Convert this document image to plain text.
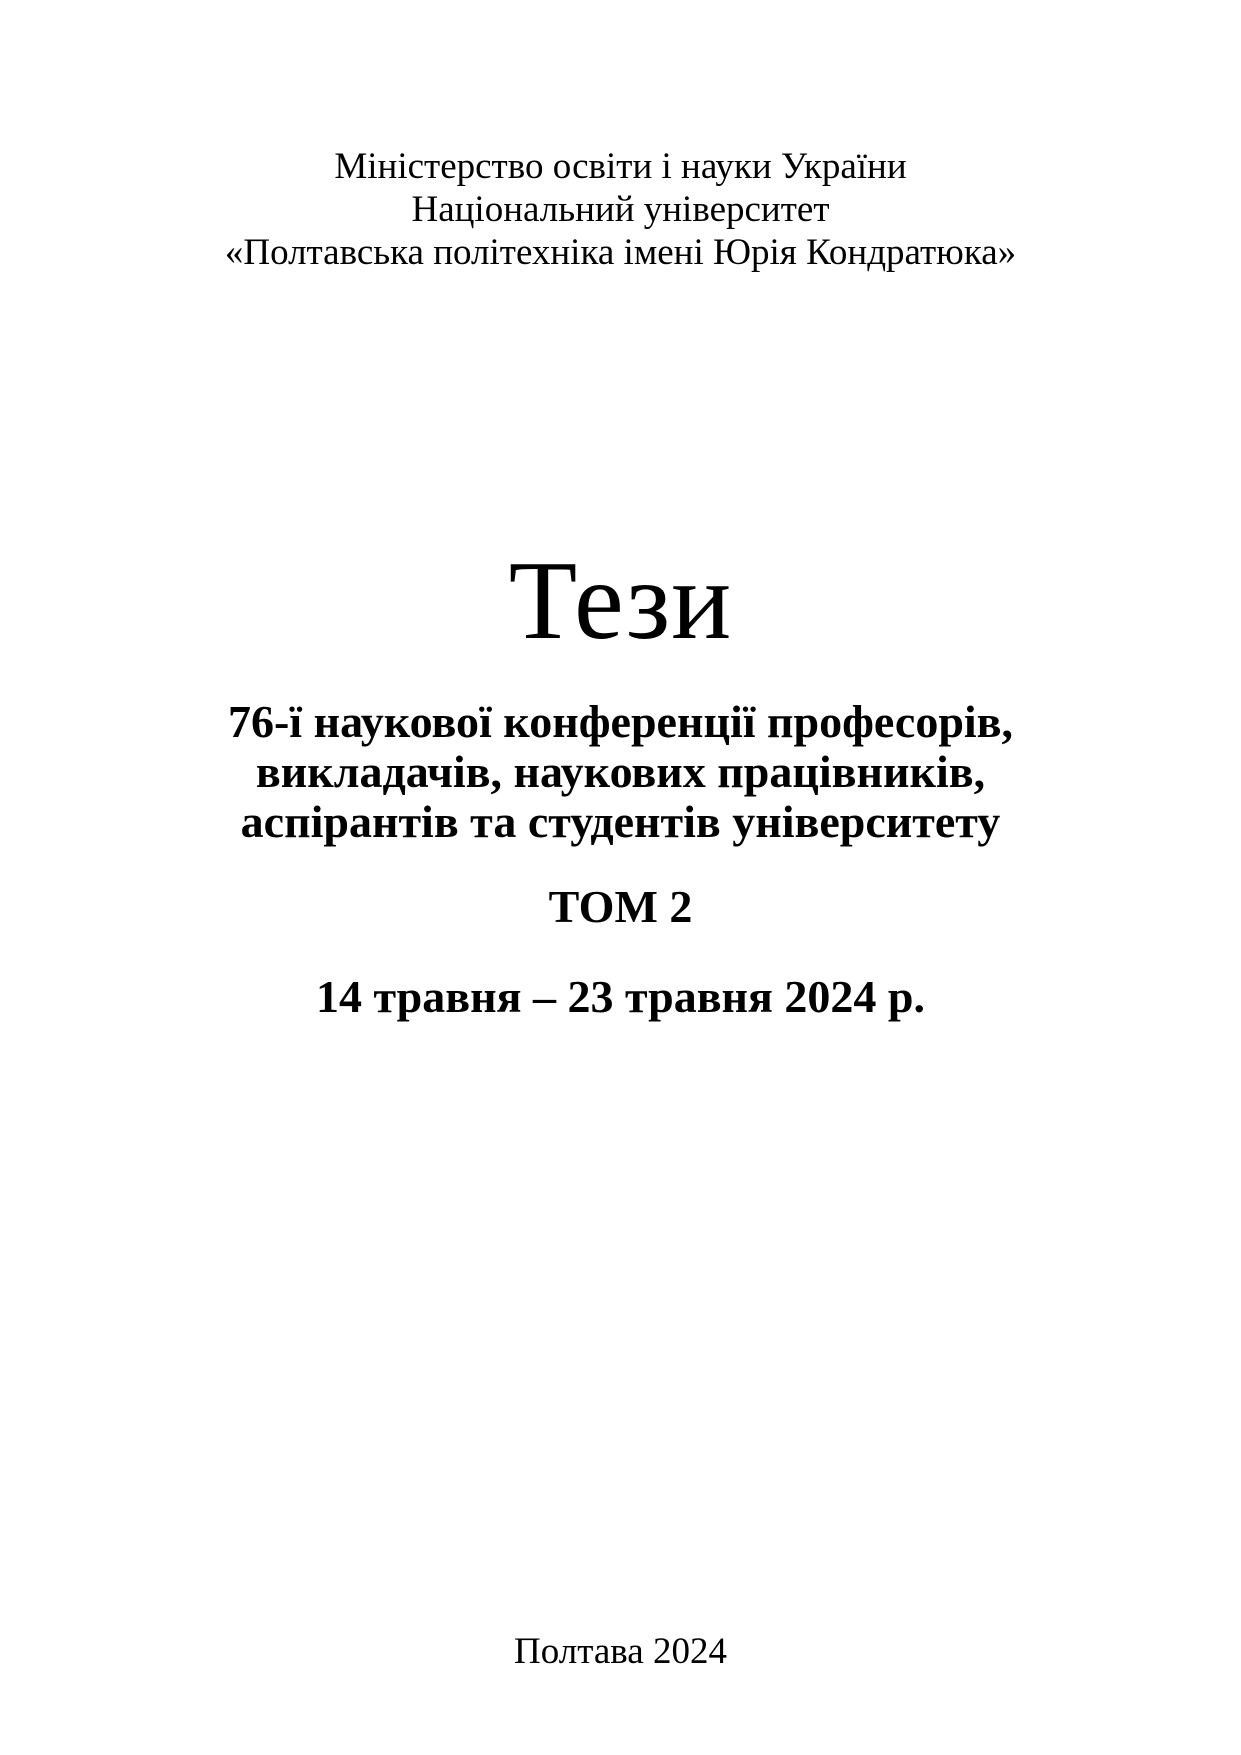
Міністерство освіти і науки України
Національний університет
«Полтавська політехніка імені Юрія Кондратюка»
Тези
76-ї наукової конференції професорів,
викладачів, наукових працівників,
аспірантів та студентів університету
ТОМ 2
14 травня – 23 травня 2024 р.
Полтава 2024
